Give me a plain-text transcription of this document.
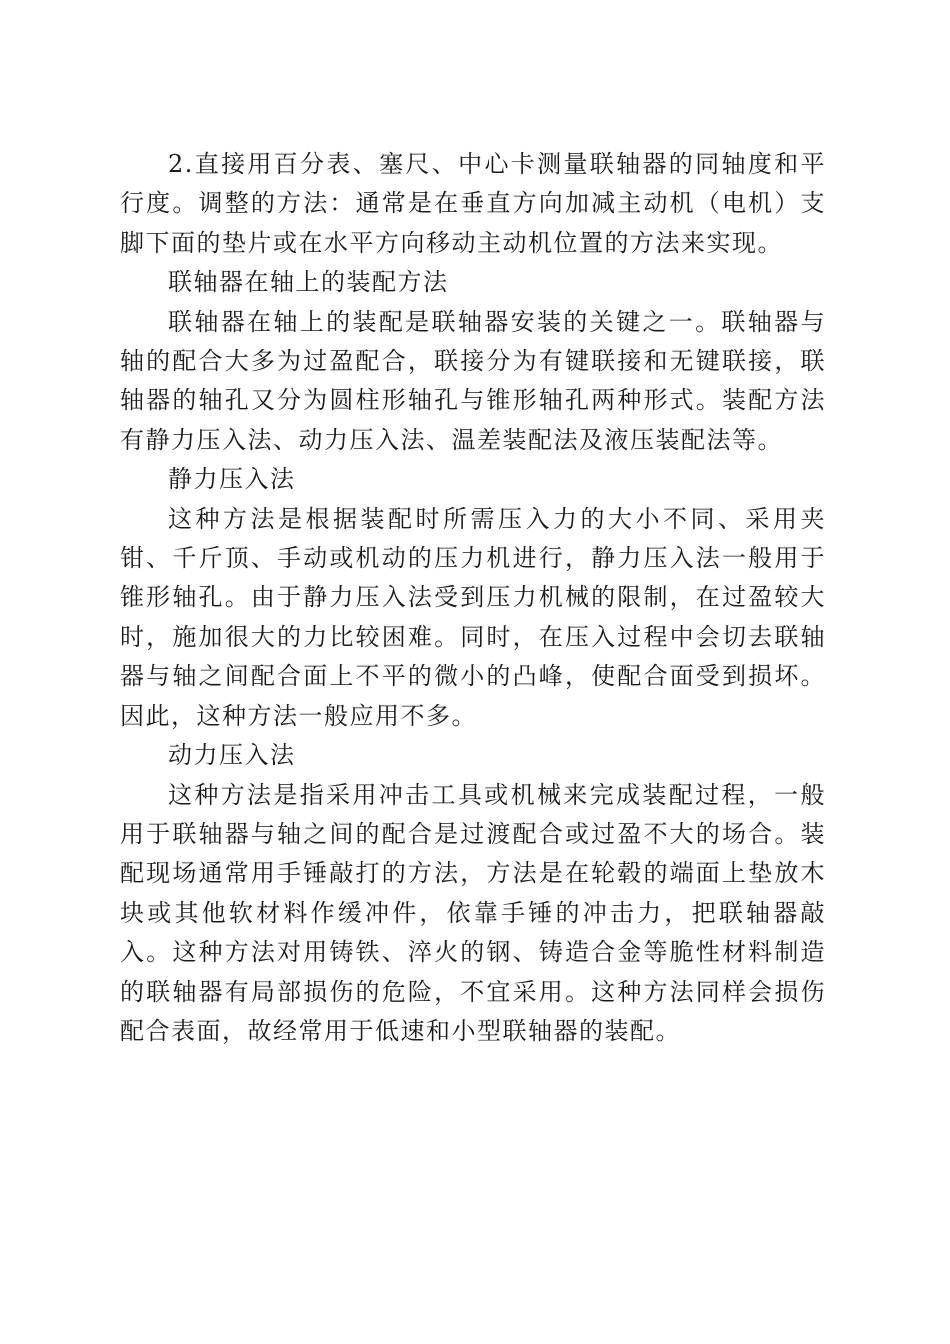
2.直接用百分表、塞尺、中心卡测量联轴器的同轴度和平行度。调整的方法：通常是在垂直方向加减主动机（电机）支脚下面的垫片或在水平方向移动主动机位置的方法来实现。

联轴器在轴上的装配方法

联轴器在轴上的装配是联轴器安装的关键之一。联轴器与轴的配合大多为过盈配合，联接分为有键联接和无键联接，联轴器的轴孔又分为圆柱形轴孔与锥形轴孔两种形式。装配方法有静力压入法、动力压入法、温差装配法及液压装配法等。

静力压入法

这种方法是根据装配时所需压入力的大小不同、采用夹钳、千斤顶、手动或机动的压力机进行，静力压入法一般用于锥形轴孔。由于静力压入法受到压力机械的限制，在过盈较大时，施加很大的力比较困难。同时，在压入过程中会切去联轴器与轴之间配合面上不平的微小的凸峰，使配合面受到损坏。因此，这种方法一般应用不多。

动力压入法

这种方法是指采用冲击工具或机械来完成装配过程，一般用于联轴器与轴之间的配合是过渡配合或过盈不大的场合。装配现场通常用手锤敲打的方法，方法是在轮毂的端面上垫放木块或其他软材料作缓冲件，依靠手锤的冲击力，把联轴器敲入。这种方法对用铸铁、淬火的钢、铸造合金等脆性材料制造的联轴器有局部损伤的危险，不宜采用。这种方法同样会损伤配合表面，故经常用于低速和小型联轴器的装配。
